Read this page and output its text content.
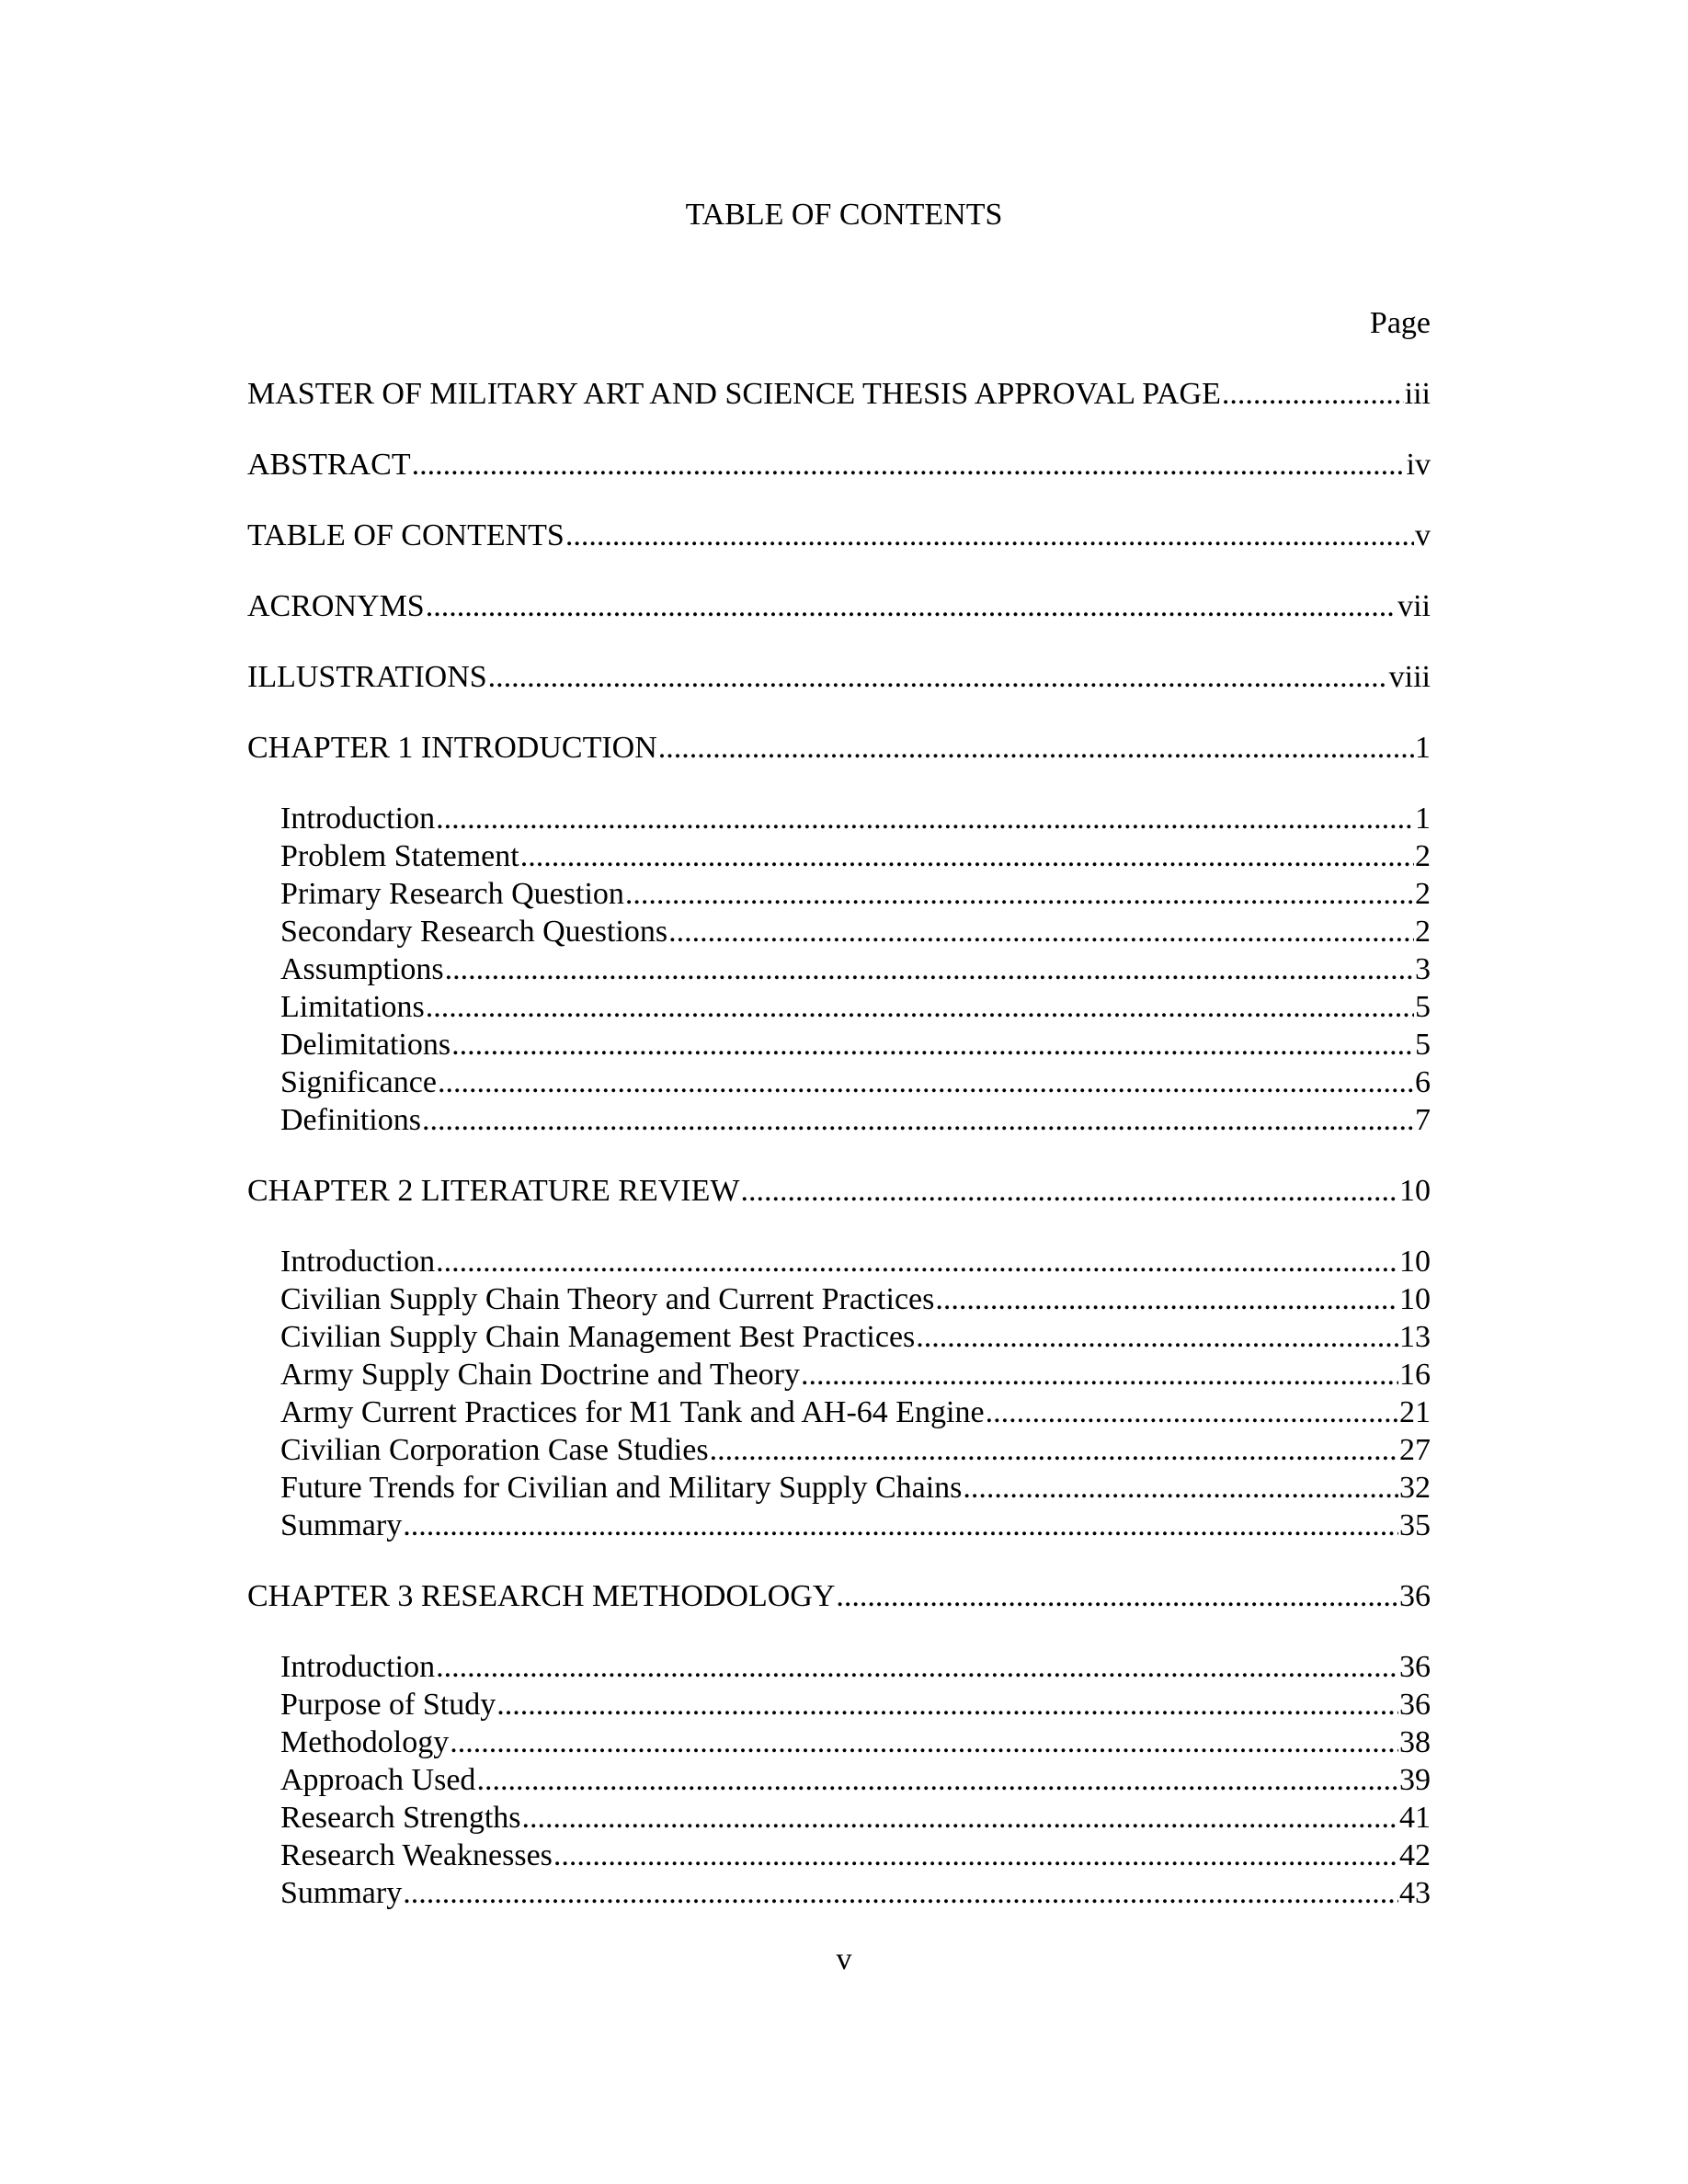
TABLE OF CONTENTS
Page
MASTER OF MILITARY ART AND SCIENCE THESIS APPROVAL PAGE .....	iii
ABSTRACT .....	iv
TABLE OF CONTENTS .....	v
ACRONYMS .....	vii
ILLUSTRATIONS .....	viii
CHAPTER 1 INTRODUCTION .....	1
Introduction .....	1
Problem Statement .....	2
Primary Research Question .....	2
Secondary Research Questions .....	2
Assumptions .....	3
Limitations .....	5
Delimitations .....	5
Significance .....	6
Definitions .....	7
CHAPTER 2 LITERATURE REVIEW .....	10
Introduction .....	10
Civilian Supply Chain Theory and Current Practices .....	10
Civilian Supply Chain Management Best Practices .....	13
Army Supply Chain Doctrine and Theory .....	16
Army Current Practices for M1 Tank and AH-64 Engine .....	21
Civilian Corporation Case Studies .....	27
Future Trends for Civilian and Military Supply Chains .....	32
Summary .....	35
CHAPTER 3 RESEARCH METHODOLOGY .....	36
Introduction .....	36
Purpose of Study .....	36
Methodology .....	38
Approach Used .....	39
Research Strengths .....	41
Research Weaknesses .....	42
Summary .....	43
v
